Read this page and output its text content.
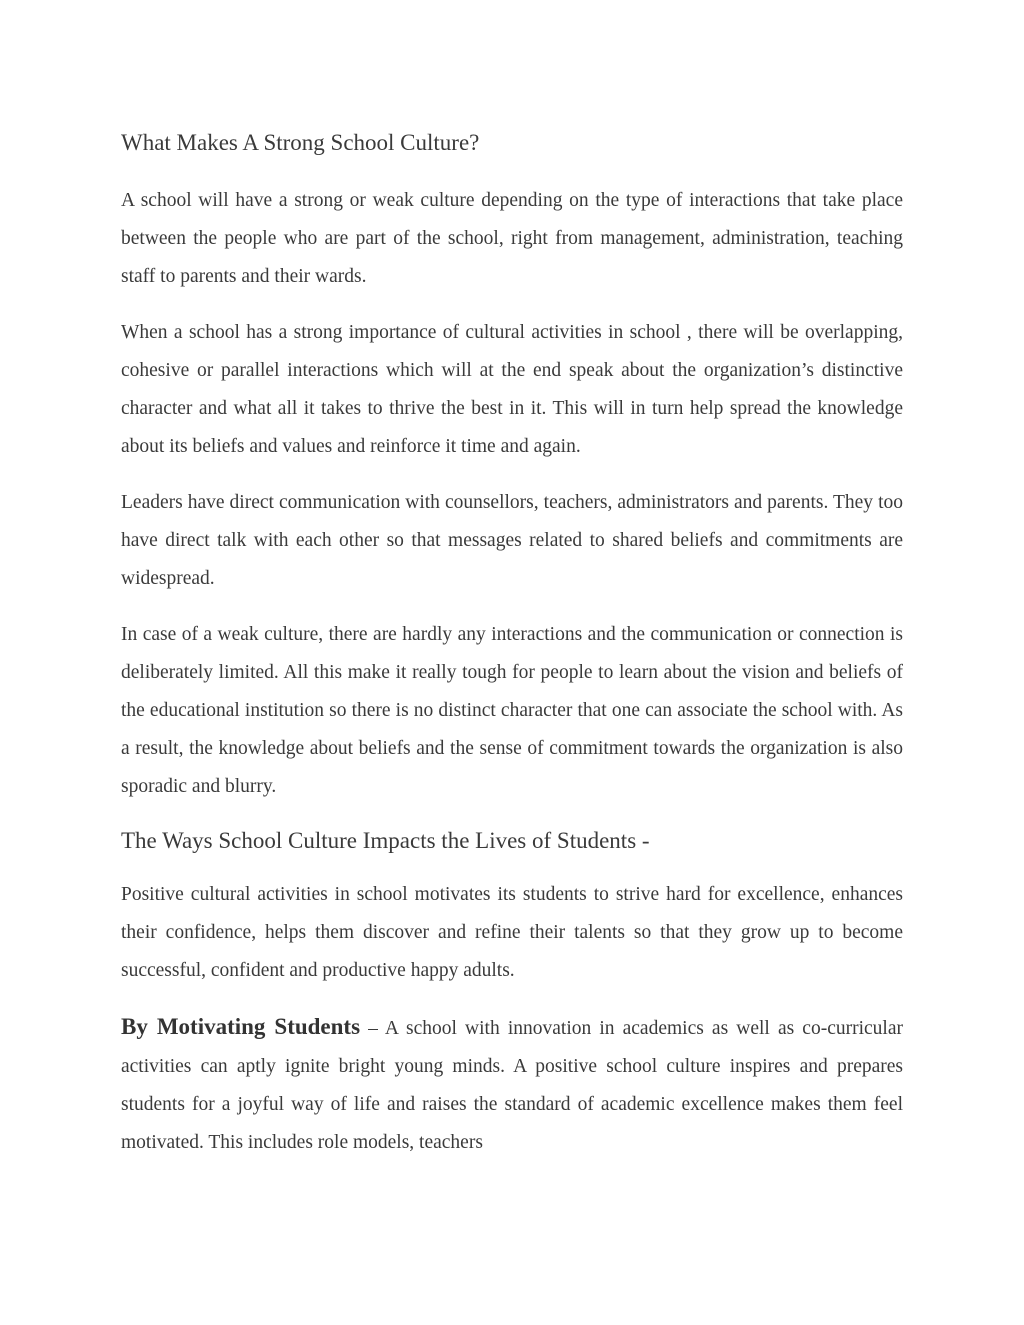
What Makes A Strong School Culture?

A school will have a strong or weak culture depending on the type of interactions that take place between the people who are part of the school, right from management, administration, teaching staff to parents and their wards.

When a school has a strong importance of cultural activities in school , there will be overlapping, cohesive or parallel interactions which will at the end speak about the organization’s distinctive character and what all it takes to thrive the best in it. This will in turn help spread the knowledge about its beliefs and values and reinforce it time and again.

Leaders have direct communication with counsellors, teachers, administrators and parents. They too have direct talk with each other so that messages related to shared beliefs and commitments are widespread.

In case of a weak culture, there are hardly any interactions and the communication or connection is deliberately limited. All this make it really tough for people to learn about the vision and beliefs of the educational institution so there is no distinct character that one can associate the school with. As a result, the knowledge about beliefs and the sense of commitment towards the organization is also sporadic and blurry.

The Ways School Culture Impacts the Lives of Students -

Positive cultural activities in school motivates its students to strive hard for excellence, enhances their confidence, helps them discover and refine their talents so that they grow up to become successful, confident and productive happy adults.

By Motivating Students – A school with innovation in academics as well as co-curricular activities can aptly ignite bright young minds. A positive school culture inspires and prepares students for a joyful way of life and raises the standard of academic excellence makes them feel motivated. This includes role models, teachers
